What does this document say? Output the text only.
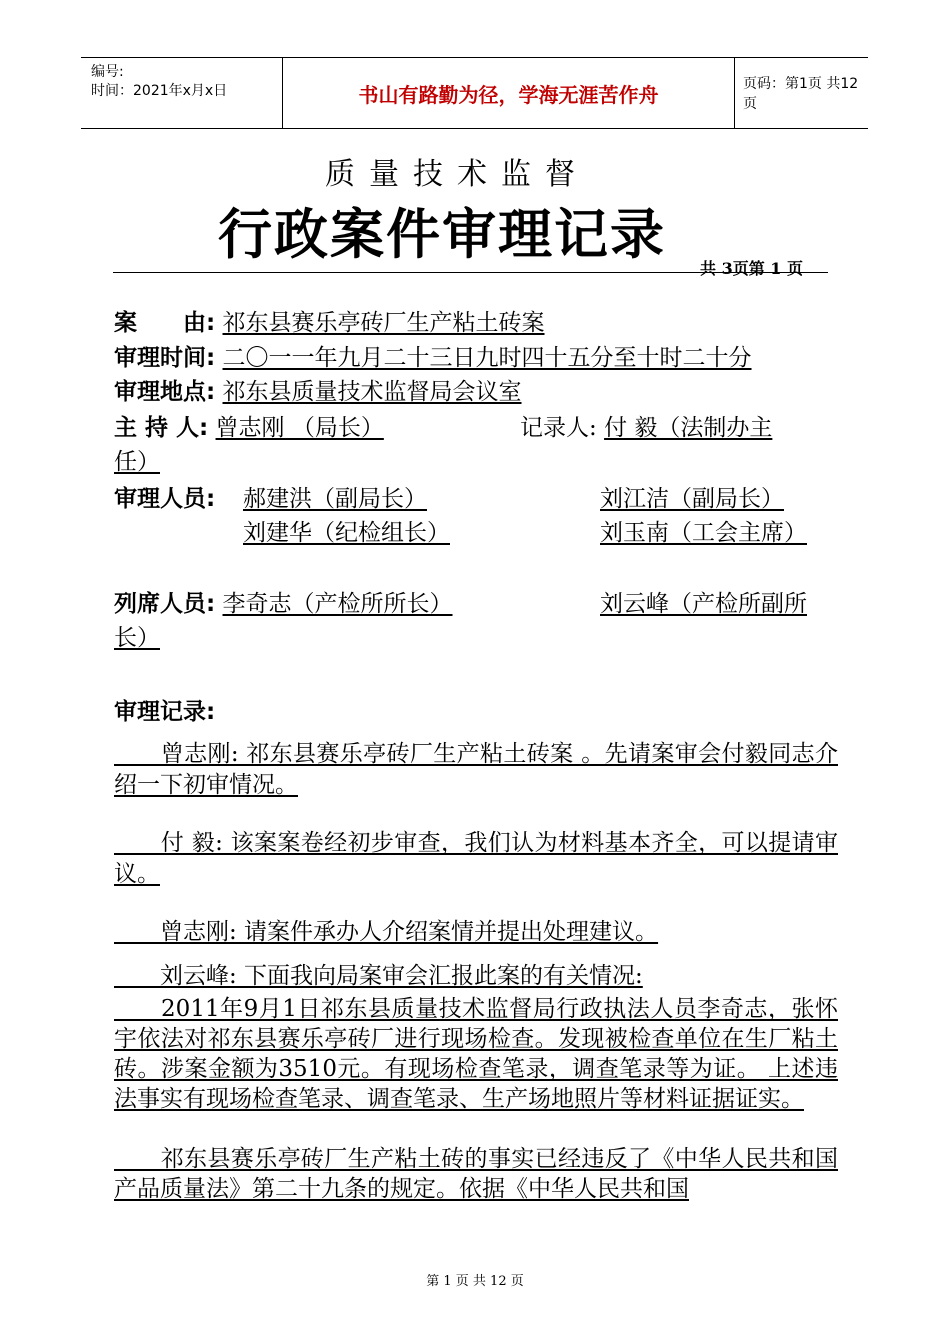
编号:
时间：2021年x月x日	书山有路勤为径，学海无涯苦作舟	页码：第1页 共12页
质量技术监督
行政案件审理记录
共 3页第 1 页
案　　由: 祁东县赛乐亭砖厂生产粘土砖案
审理时间: 二〇一一年九月二十三日九时四十五分至十时二十分
审理地点: 祁东县质量技术监督局会议室
主 持 人: 曾志刚 （局长）	记录人: 付 毅（法制办主
任）
审理人员: 郝建洪（副局长）	刘江洁（副局长）
刘建华（纪检组长）	刘玉南（工会主席）
列席人员: 李奇志（产检所所长）	刘云峰（产检所副所
长）
审理记录:
　　曾志刚: 祁东县赛乐亭砖厂生产粘土砖案 。先请案审会付毅同志介绍一下初审情况。
　　付 毅: 该案案卷经初步审查，我们认为材料基本齐全，可以提请审议。
　　曾志刚: 请案件承办人介绍案情并提出处理建议。
　　刘云峰: 下面我向局案审会汇报此案的有关情况:
　　2011年9月1日祁东县质量技术监督局行政执法人员李奇志，张怀宇依法对祁东县赛乐亭砖厂进行现场检查。发现被检查单位在生厂粘土砖。涉案金额为3510元。有现场检查笔录，调查笔录等为证。 上述违法事实有现场检查笔录、调查笔录、生产场地照片等材料证据证实。
　　祁东县赛乐亭砖厂生产粘土砖的事实已经违反了《中华人民共和国产品质量法》第二十九条的规定。依据《中华人民共和国
第 1 页 共 12 页
